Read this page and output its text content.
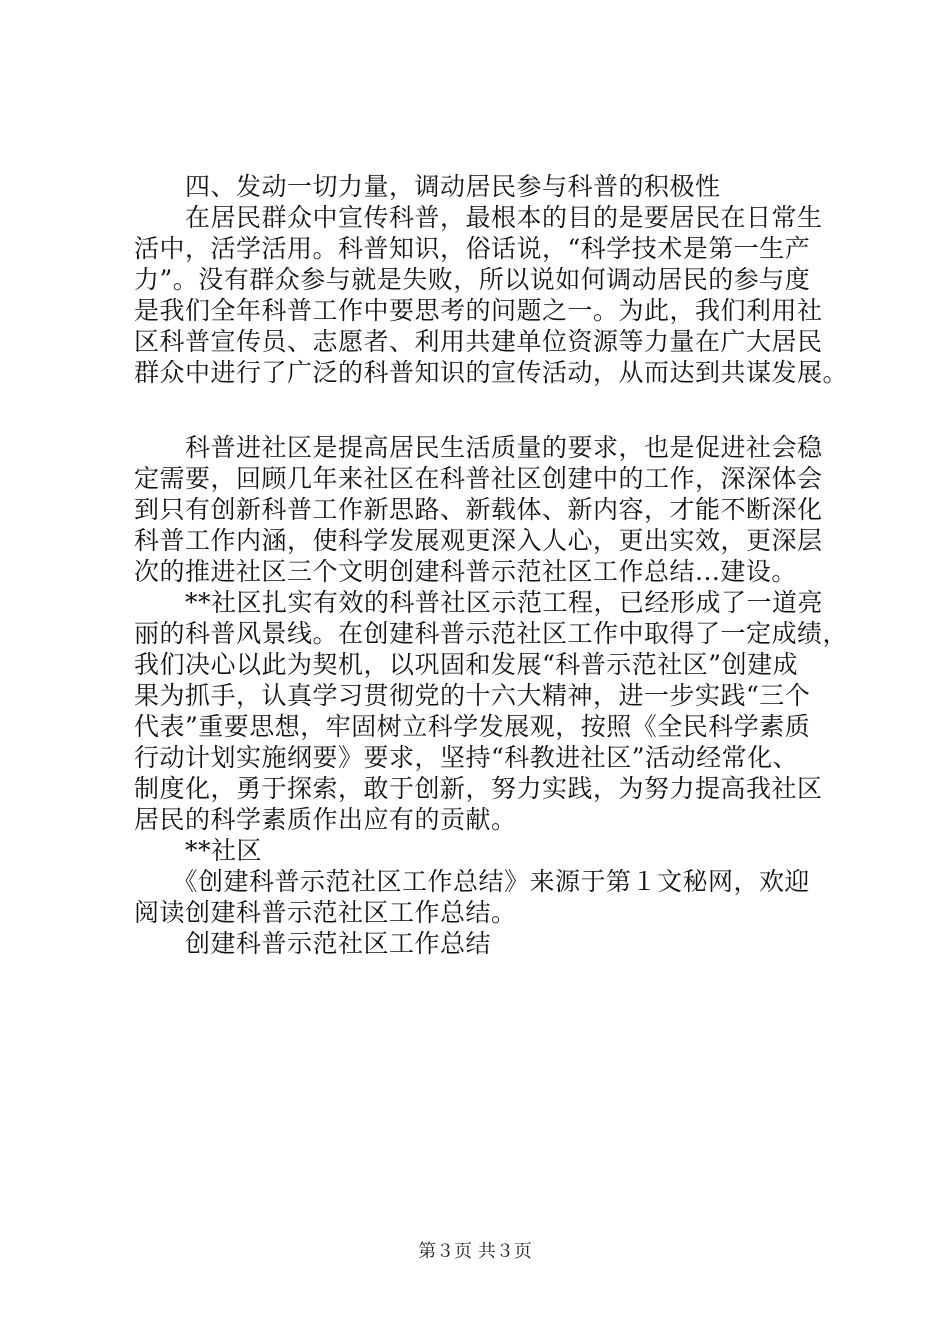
　　四、发动一切力量，调动居民参与科普的积极性
　　在居民群众中宣传科普，最根本的目的是要居民在日常生
活中，活学活用。科普知识，俗话说，“科学技术是第一生产
力”。没有群众参与就是失败，所以说如何调动居民的参与度
是我们全年科普工作中要思考的问题之一。为此，我们利用社
区科普宣传员、志愿者、利用共建单位资源等力量在广大居民
群众中进行了广泛的科普知识的宣传活动，从而达到共谋发展。
　　科普进社区是提高居民生活质量的要求，也是促进社会稳
定需要，回顾几年来社区在科普社区创建中的工作，深深体会
到只有创新科普工作新思路、新载体、新内容，才能不断深化
科普工作内涵，使科学发展观更深入人心，更出实效，更深层
次的推进社区三个文明创建科普示范社区工作总结...建设。
　　**社区扎实有效的科普社区示范工程，已经形成了一道亮
丽的科普风景线。在创建科普示范社区工作中取得了一定成绩，
我们决心以此为契机，以巩固和发展“科普示范社区”创建成
果为抓手，认真学习贯彻党的十六大精神，进一步实践“三个
代表”重要思想，牢固树立科学发展观，按照《全民科学素质
行动计划实施纲要》要求，坚持“科教进社区”活动经常化、
制度化，勇于探索，敢于创新，努力实践，为努力提高我社区
居民的科学素质作出应有的贡献。
　　**社区
　　《创建科普示范社区工作总结》来源于第１文秘网，欢迎
阅读创建科普示范社区工作总结。
　　创建科普示范社区工作总结
第３页 共３页
